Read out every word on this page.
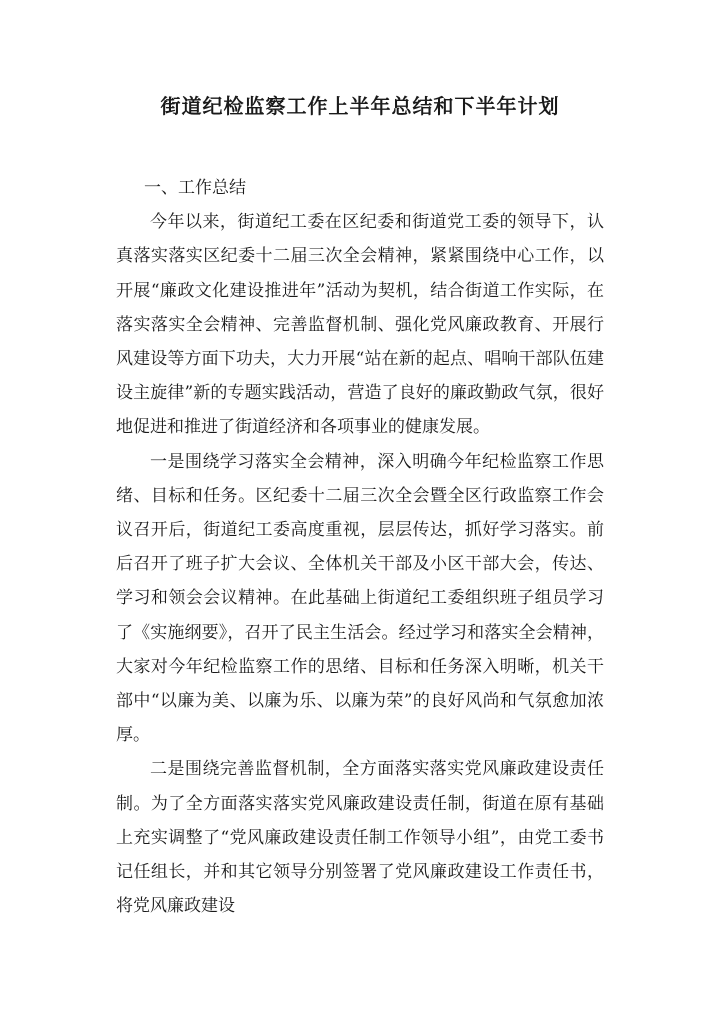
街道纪检监察工作上半年总结和下半年计划

一、工作总结

今年以来，街道纪工委在区纪委和街道党工委的领导下，认真落实落实区纪委十二届三次全会精神，紧紧围绕中心工作，以开展“廉政文化建设推进年”活动为契机，结合街道工作实际，在落实落实全会精神、完善监督机制、强化党风廉政教育、开展行风建设等方面下功夫，大力开展“站在新的起点、唱响干部队伍建设主旋律”新的专题实践活动，营造了良好的廉政勤政气氛，很好地促进和推进了街道经济和各项事业的健康发展。

一是围绕学习落实全会精神，深入明确今年纪检监察工作思绪、目标和任务。区纪委十二届三次全会暨全区行政监察工作会议召开后，街道纪工委高度重视，层层传达，抓好学习落实。前后召开了班子扩大会议、全体机关干部及小区干部大会，传达、学习和领会会议精神。在此基础上街道纪工委组织班子组员学习了《实施纲要》，召开了民主生活会。经过学习和落实全会精神，大家对今年纪检监察工作的思绪、目标和任务深入明晰，机关干部中“以廉为美、以廉为乐、以廉为荣”的良好风尚和气氛愈加浓厚。

二是围绕完善监督机制，全方面落实落实党风廉政建设责任制。为了全方面落实落实党风廉政建设责任制，街道在原有基础上充实调整了“党风廉政建设责任制工作领导小组”，由党工委书记任组长，并和其它领导分别签署了党风廉政建设工作责任书，将党风廉政建设
